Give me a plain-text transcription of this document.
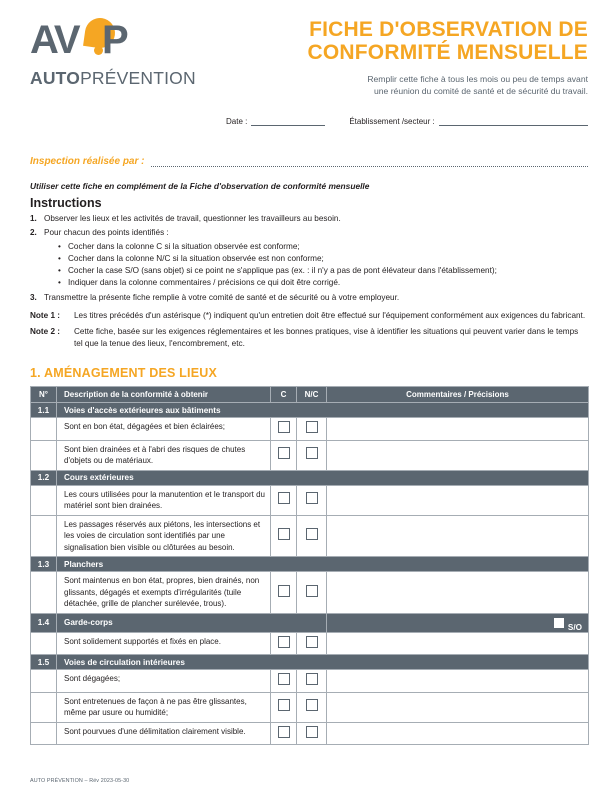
AV P
AUTOPRÉVENTION
FICHE D'OBSERVATION DE
CONFORMITÉ MENSUELLE
Remplir cette fiche à tous les mois ou peu de temps avant
une réunion du comité de santé et de sécurité du travail.
Date :	Établissement /secteur :
Inspection réalisée par :
Utiliser cette fiche en complément de la Fiche d'observation de conformité mensuelle
Instructions
1. Observer les lieux et les activités de travail, questionner les travailleurs au besoin.
2. Pour chacun des points identifiés :
• Cocher dans la colonne C si la situation observée est conforme;
• Cocher dans la colonne N/C si la situation observée est non conforme;
• Cocher la case S/O (sans objet) si ce point ne s'applique pas (ex. : il n'y a pas de pont élévateur dans l'établissement);
• Indiquer dans la colonne commentaires / précisions ce qui doit être corrigé.
3. Transmettre la présente fiche remplie à votre comité de santé et de sécurité ou à votre employeur.
Note 1 :	Les titres précédés d'un astérisque (*) indiquent qu'un entretien doit être effectué sur l'équipement conformément aux exigences du fabricant.
Note 2 :	Cette fiche, basée sur les exigences réglementaires et les bonnes pratiques, vise à identifier les situations qui peuvent varier dans le temps tel que la tenue des lieux, l'encombrement, etc.
1. AMÉNAGEMENT DES LIEUX
N°	Description de la conformité à obtenir	C	N/C	Commentaires / Précisions
1.1	Voies d'accès extérieures aux bâtiments			
	Sont en bon état, dégagées et bien éclairées;			
	Sont bien drainées et à l'abri des risques de chutes d'objets ou de matériaux.			
1.2	Cours extérieures			
	Les cours utilisées pour la manutention et le transport du matériel sont bien drainées.			
	Les passages réservés aux piétons, les intersections et les voies de circulation sont identifiés par une signalisation bien visible ou clôturées au besoin.			
1.3	Planchers			
	Sont maintenus en bon état, propres, bien drainés, non glissants, dégagés et exempts d'irrégularités (tuile détachée, grille de plancher surélevée, trous).			
1.4	Garde-corps			S/O
	Sont solidement supportés et fixés en place.			
1.5	Voies de circulation intérieures			
	Sont dégagées;			
	Sont entretenues de façon à ne pas être glissantes, même par usure ou humidité;			
	Sont pourvues d'une délimitation clairement visible.			
AUTO PRÉVENTION – Rév 2023-05-30
